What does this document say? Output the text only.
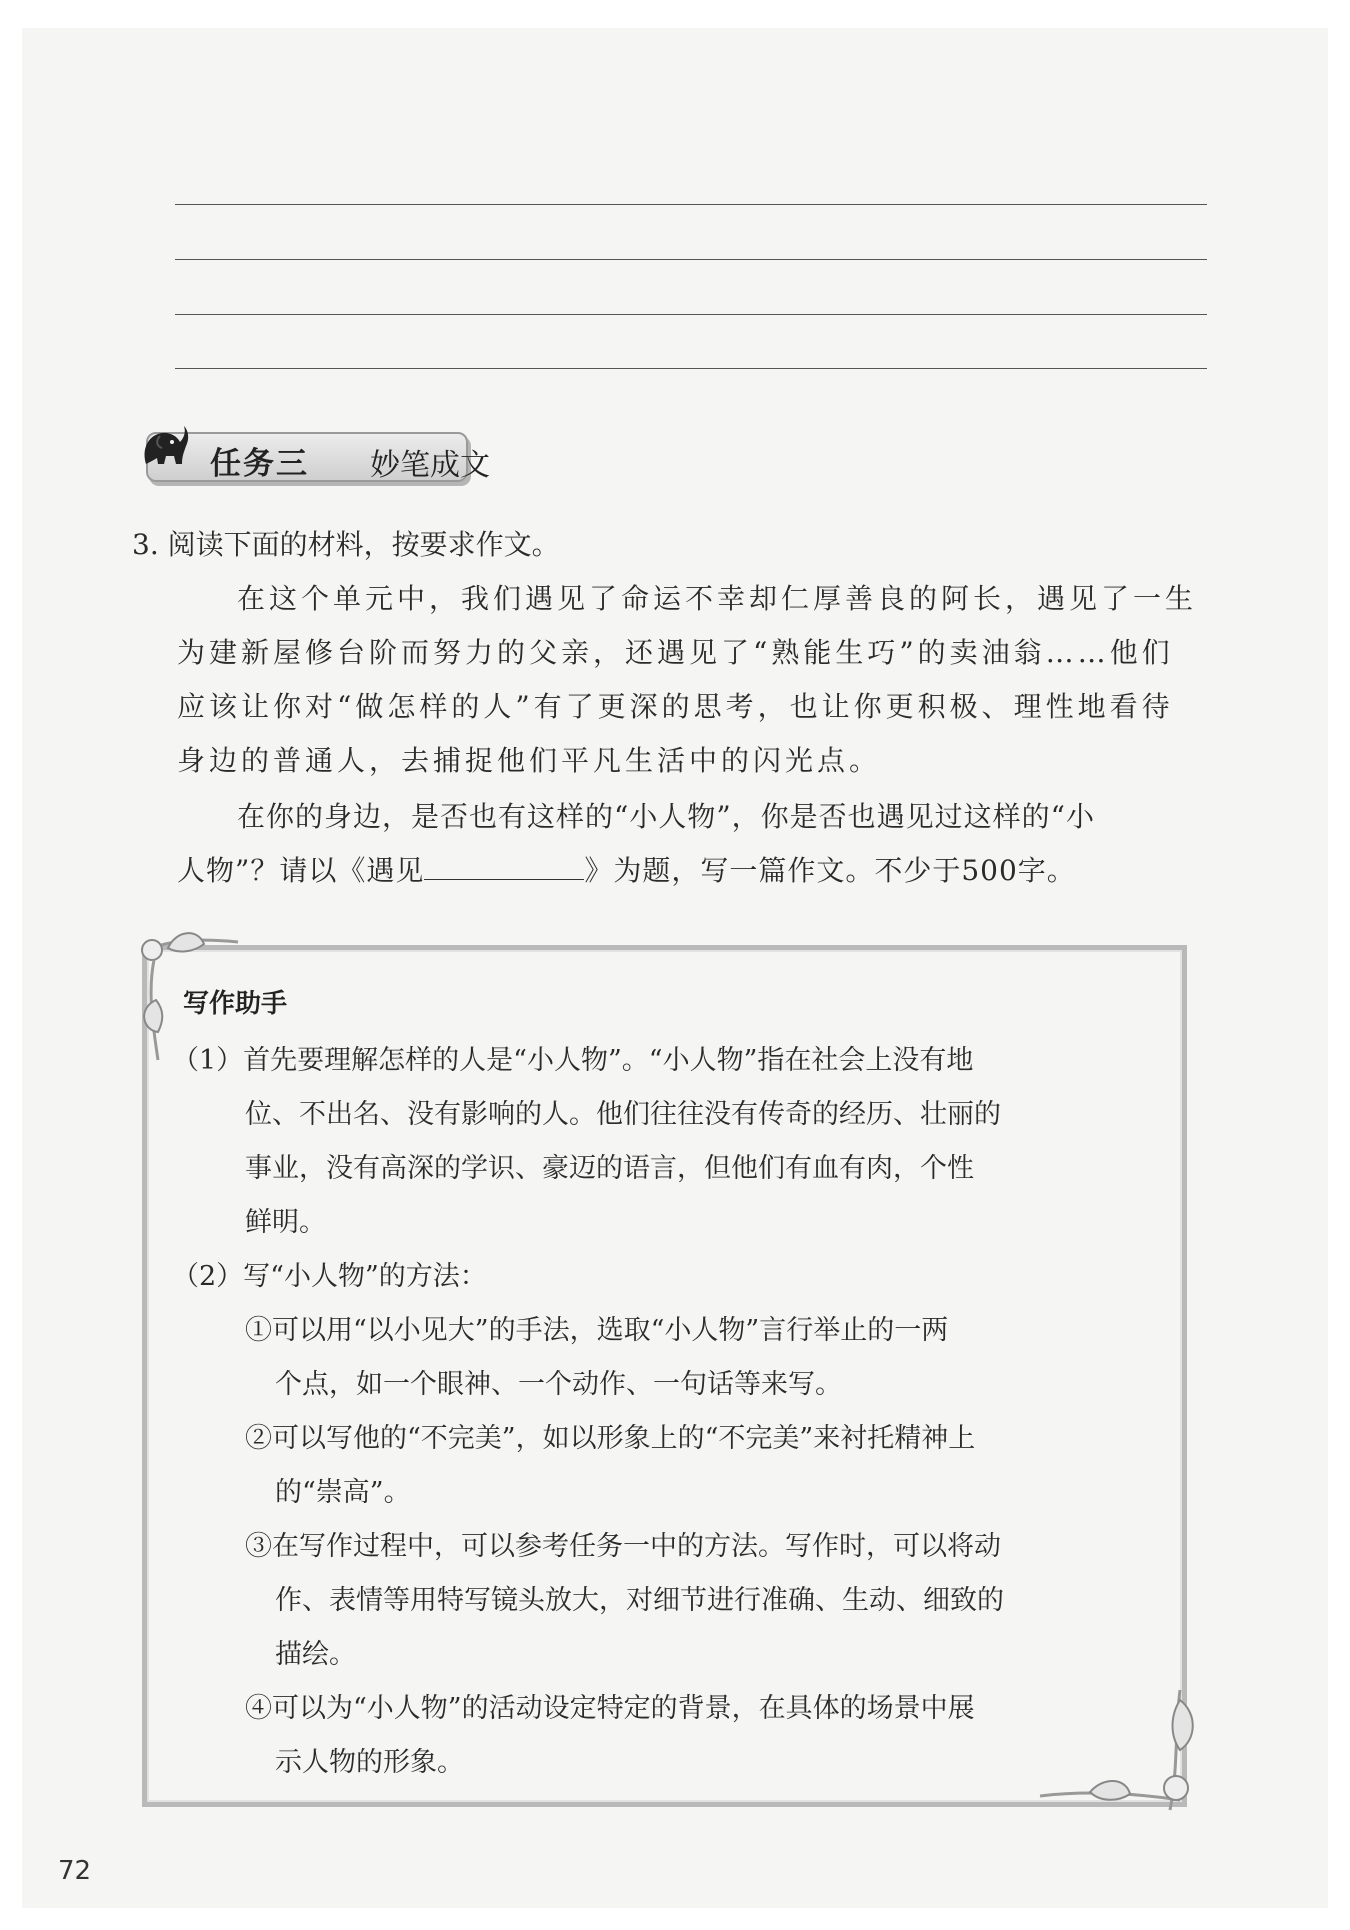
任务三	妙笔成文

3. 阅读下面的材料，按要求作文。

在这个单元中，我们遇见了命运不幸却仁厚善良的阿长，遇见了一生

为建新屋修台阶而努力的父亲，还遇见了“熟能生巧”的卖油翁……他们

应该让你对“做怎样的人”有了更深的思考，也让你更积极、理性地看待

身边的普通人，去捕捉他们平凡生活中的闪光点。

在你的身边，是否也有这样的“小人物”，你是否也遇见过这样的“小

人物”？请以《遇见	》为题，写一篇作文。不少于500字。

写作助手

（1）首先要理解怎样的人是“小人物”。“小人物”指在社会上没有地

位、不出名、没有影响的人。他们往往没有传奇的经历、壮丽的

事业，没有高深的学识、豪迈的语言，但他们有血有肉，个性

鲜明。

（2）写“小人物”的方法：

①可以用“以小见大”的手法，选取“小人物”言行举止的一两

个点，如一个眼神、一个动作、一句话等来写。

②可以写他的“不完美”，如以形象上的“不完美”来衬托精神上

的“崇高”。

③在写作过程中，可以参考任务一中的方法。写作时，可以将动

作、表情等用特写镜头放大，对细节进行准确、生动、细致的

描绘。

④可以为“小人物”的活动设定特定的背景，在具体的场景中展

示人物的形象。

72
